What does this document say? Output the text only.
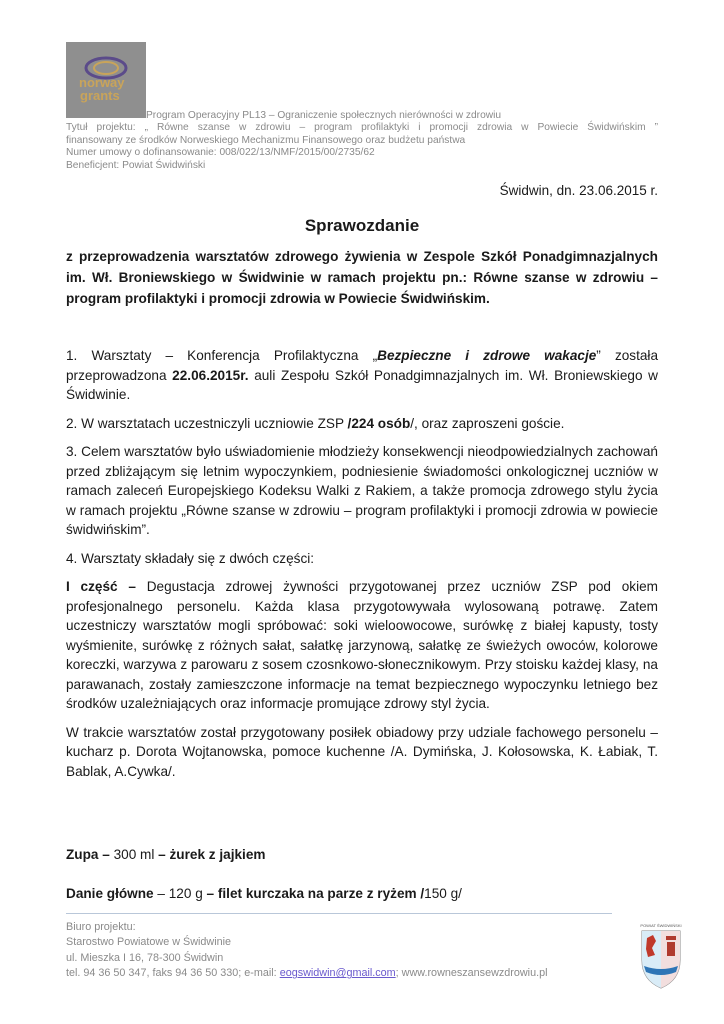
norway
grants
Program Operacyjny PL13 – Ograniczenie społecznych nierówności w zdrowiu
Tytuł projektu: „ Równe szanse w zdrowiu – program profilaktyki i promocji zdrowia w Powiecie Świdwińskim ”
finansowany ze środków Norweskiego Mechanizmu Finansowego oraz budżetu państwa
Numer umowy o dofinansowanie: 008/022/13/NMF/2015/00/2735/62
Beneficjent: Powiat Świdwiński
Świdwin, dn. 23.06.2015 r.
Sprawozdanie
z przeprowadzenia warsztatów zdrowego żywienia w Zespole Szkół Ponadgimnazjalnych im. Wł. Broniewskiego w Świdwinie w ramach projektu pn.: Równe szanse w zdrowiu – program profilaktyki i promocji zdrowia w Powiecie Świdwińskim.

1. Warsztaty – Konferencja Profilaktyczna „Bezpieczne i zdrowe wakacje” została przeprowadzona 22.06.2015r. auli Zespołu Szkół Ponadgimnazjalnych im. Wł. Broniewskiego w Świdwinie.

2. W warsztatach uczestniczyli uczniowie ZSP /224 osób/, oraz zaproszeni goście.

3. Celem warsztatów było uświadomienie młodzieży konsekwencji nieodpowiedzialnych zachowań przed zbliżającym się letnim wypoczynkiem, podniesienie świadomości onkologicznej uczniów w ramach zaleceń Europejskiego Kodeksu Walki z Rakiem, a także promocja zdrowego stylu życia w ramach projektu „Równe szanse w zdrowiu – program profilaktyki i promocji zdrowia w powiecie świdwińskim”.

4. Warsztaty składały się z dwóch części:

I część – Degustacja zdrowej żywności przygotowanej przez uczniów ZSP pod okiem profesjonalnego personelu. Każda klasa przygotowywała wylosowaną potrawę. Zatem uczestniczy warsztatów mogli spróbować: soki wieloowocowe, surówkę z białej kapusty, tosty wyśmienite, surówkę z różnych sałat, sałatkę jarzynową, sałatkę ze świeżych owoców, kolorowe koreczki, warzywa z parowaru z sosem czosnkowo-słonecznikowym. Przy stoisku każdej klasy, na parawanach, zostały zamieszczone informacje na temat bezpiecznego wypoczynku letniego bez środków uzależniających oraz informacje promujące zdrowy styl życia.

W trakcie warsztatów został przygotowany posiłek obiadowy przy udziale fachowego personelu – kucharz p. Dorota Wojtanowska, pomoce kuchenne /A. Dymińska, J. Kołosowska, K. Łabiak, T. Bablak, A.Cywka/.

Zupa – 300 ml – żurek z jajkiem
Danie główne – 120 g – filet kurczaka na parze z ryżem /150 g/
Biuro projektu:
Starostwo Powiatowe w Świdwinie
ul. Mieszka I 16, 78-300 Świdwin
tel. 94 36 50 347, faks 94 36 50 330; e-mail: eogswidwin@gmail.com; www.rowneszansewzdrowiu.pl
POWIAT ŚWIDWIŃSKI
